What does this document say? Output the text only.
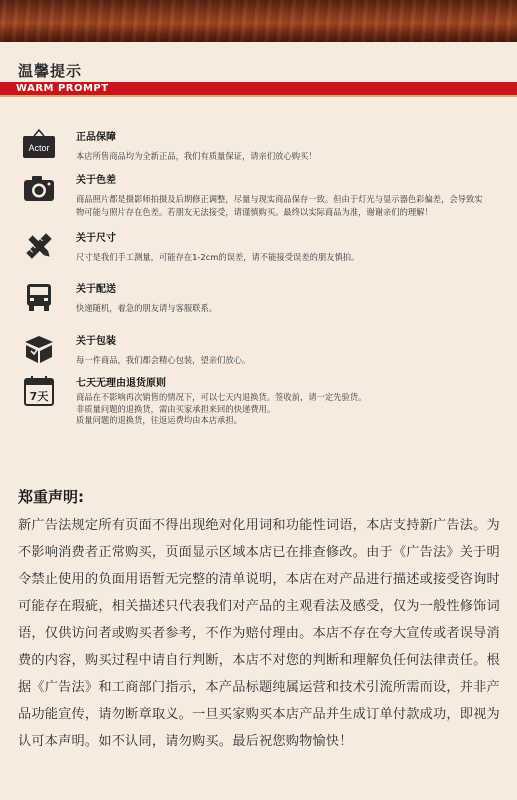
温馨提示
WARM PROMPT
Actor
正品保障
本店所售商品均为全新正品，我们有质量保证，请亲们放心购买！
关于色差
商品照片都是摄影师拍摄及后期修正调整，尽量与现实商品保存一致。但由于灯光与显示器色彩偏差，会导致实物可能与照片存在色差。若朋友无法接受，请谨慎购买。最终以实际商品为准，谢谢亲们的理解！
关于尺寸
尺寸是我们手工测量，可能存在1-2cm的误差，请不能接受误差的朋友慎拍。
关于配送
快递随机，着急的朋友请与客服联系。
关于包装
每一件商品，我们都会精心包装，望亲们放心。
7天
七天无理由退货原则
商品在不影响再次销售的情况下，可以七天内退换货。签收前，请一定先验货。
非质量问题的退换货，需由买家承担来回的快递费用。
质量问题的退换货，往返运费均由本店承担。
郑重声明:
新广告法规定所有页面不得出现绝对化用词和功能性词语，本店支持新广告法。为不影响消费者正常购买，页面显示区域本店已在排查修改。由于《广告法》关于明令禁止使用的负面用语暂无完整的清单说明，本店在对产品进行描述或接受咨询时可能存在瑕疵，相关描述只代表我们对产品的主观看法及感受，仅为一般性修饰词语，仅供访问者或购买者参考，不作为赔付理由。本店不存在夸大宣传或者误导消费的内容，购买过程中请自行判断，本店不对您的判断和理解负任何法律责任。根据《广告法》和工商部门指示，本产品标题纯属运营和技术引流所需而设，并非产品功能宣传，请勿断章取义。一旦买家购买本店产品并生成订单付款成功，即视为认可本声明。如不认同，请勿购买。最后祝您购物愉快！
